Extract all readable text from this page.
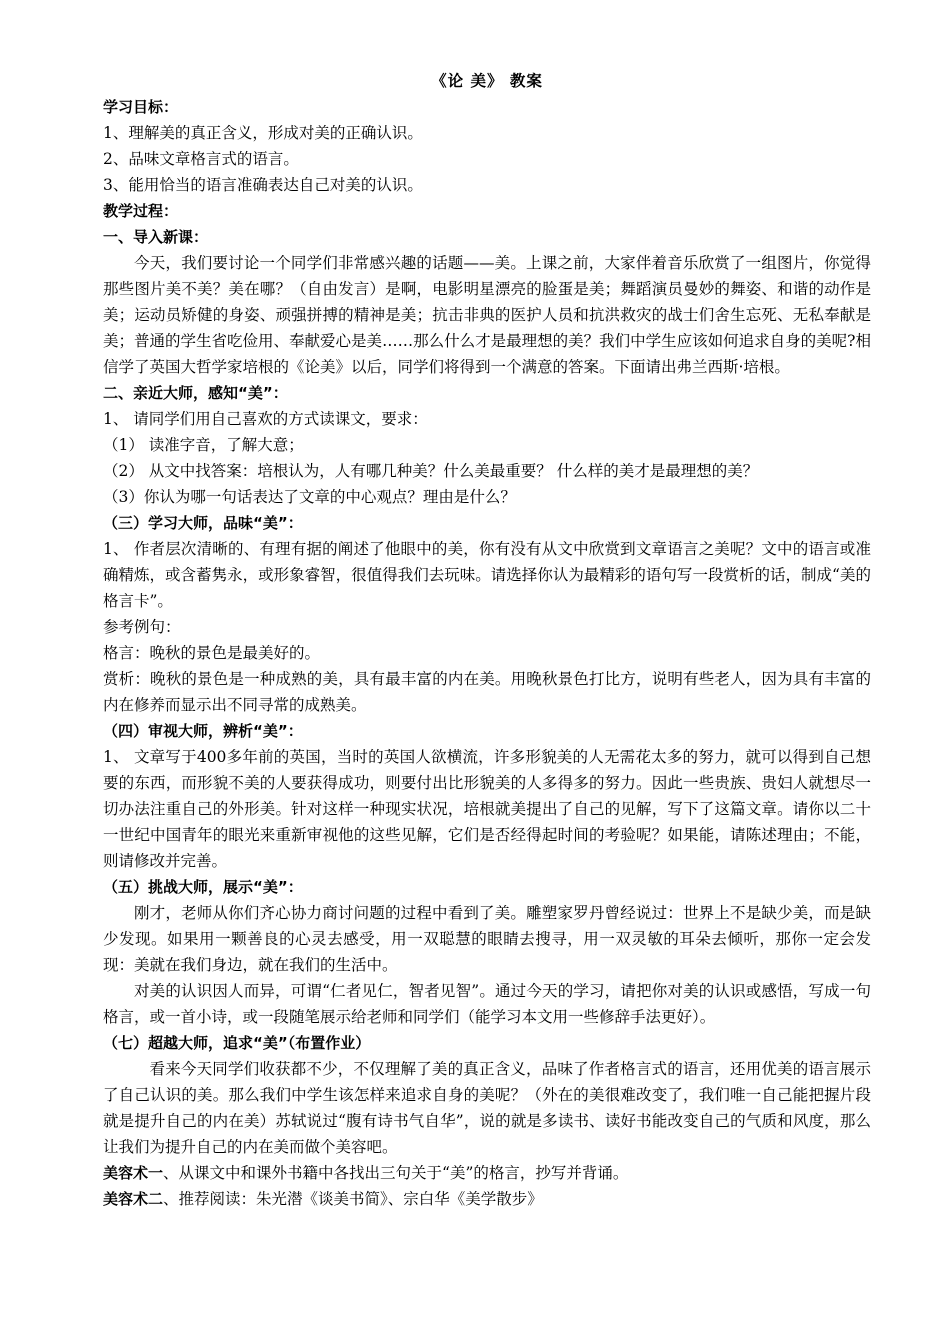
《论 美》 教案
学习目标：
1、理解美的真正含义，形成对美的正确认识。
2、品味文章格言式的语言。
3、能用恰当的语言准确表达自己对美的认识。
教学过程：
一、导入新课：
今天，我们要讨论一个同学们非常感兴趣的话题——美。上课之前，大家伴着音乐欣赏了一组图片，你觉得那些图片美不美？美在哪？（自由发言）是啊，电影明星漂亮的脸蛋是美；舞蹈演员曼妙的舞姿、和谐的动作是美；运动员矫健的身姿、顽强拼搏的精神是美；抗击非典的医护人员和抗洪救灾的战士们舍生忘死、无私奉献是美；普通的学生省吃俭用、奉献爱心是美……那么什么才是最理想的美？我们中学生应该如何追求自身的美呢?相信学了英国大哲学家培根的《论美》以后，同学们将得到一个满意的答案。下面请出弗兰西斯·培根。
二、亲近大师，感知“美”：
1、 请同学们用自己喜欢的方式读课文，要求：
（1） 读准字音，了解大意；
（2） 从文中找答案：培根认为，人有哪几种美？什么美最重要？ 什么样的美才是最理想的美？
（3）你认为哪一句话表达了文章的中心观点？理由是什么？
（三）学习大师，品味“美”：
1、 作者层次清晰的、有理有据的阐述了他眼中的美，你有没有从文中欣赏到文章语言之美呢？文中的语言或准确精炼，或含蓄隽永，或形象睿智，很值得我们去玩味。请选择你认为最精彩的语句写一段赏析的话，制成“美的格言卡”。
参考例句：
格言：晚秋的景色是最美好的。
赏析：晚秋的景色是一种成熟的美，具有最丰富的内在美。用晚秋景色打比方，说明有些老人，因为具有丰富的内在修养而显示出不同寻常的成熟美。
（四）审视大师，辨析“美”：
1、 文章写于400多年前的英国，当时的英国人欲横流，许多形貌美的人无需花太多的努力，就可以得到自己想要的东西，而形貌不美的人要获得成功，则要付出比形貌美的人多得多的努力。因此一些贵族、贵妇人就想尽一切办法注重自己的外形美。针对这样一种现实状况，培根就美提出了自己的见解，写下了这篇文章。请你以二十一世纪中国青年的眼光来重新审视他的这些见解，它们是否经得起时间的考验呢？如果能，请陈述理由；不能，则请修改并完善。
（五）挑战大师，展示“美”：
刚才，老师从你们齐心协力商讨问题的过程中看到了美。雕塑家罗丹曾经说过：世界上不是缺少美，而是缺少发现。如果用一颗善良的心灵去感受，用一双聪慧的眼睛去搜寻，用一双灵敏的耳朵去倾听，那你一定会发现：美就在我们身边，就在我们的生活中。
对美的认识因人而异，可谓“仁者见仁，智者见智”。通过今天的学习，请把你对美的认识或感悟，写成一句格言，或一首小诗，或一段随笔展示给老师和同学们（能学习本文用一些修辞手法更好）。
（七）超越大师，追求“美”（布置作业）
看来今天同学们收获都不少，不仅理解了美的真正含义，品味了作者格言式的语言，还用优美的语言展示了自己认识的美。那么我们中学生该怎样来追求自身的美呢？（外在的美很难改变了，我们唯一自己能把握片段就是提升自己的内在美）苏轼说过“腹有诗书气自华”，说的就是多读书、读好书能改变自己的气质和风度，那么让我们为提升自己的内在美而做个美容吧。
美容术一、从课文中和课外书籍中各找出三句关于“美”的格言，抄写并背诵。
美容术二、推荐阅读：朱光潜《谈美书简》、宗白华《美学散步》
